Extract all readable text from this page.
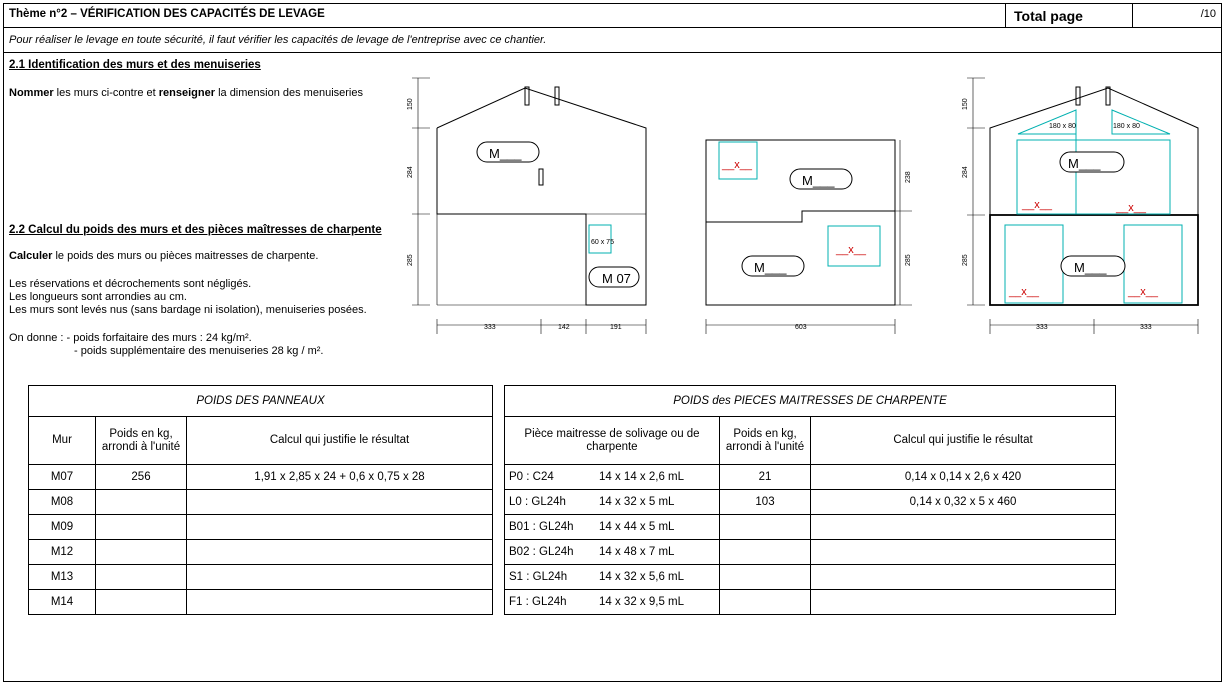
Thème n°2 – VÉRIFICATION DES CAPACITÉS DE LEVAGE	Total page	/10
Pour réaliser le levage en toute sécurité, il faut vérifier les capacités de levage de l'entreprise avec ce chantier.
2.1 Identification des murs et des menuiseries
Nommer les murs ci-contre et renseigner la dimension des menuiseries
2.2 Calcul du poids des murs et des pièces maîtresses de charpente
Calculer le poids des murs ou pièces maitresses de charpente.
Les réservations et décrochements sont négligés.
Les longueurs sont arrondies au cm.
Les murs sont levés nus (sans bardage ni isolation), menuiseries posées.
On donne : - poids forfaitaire des murs : 24 kg/m².
- poids supplémentaire des menuiseries 28 kg / m².
M___
M 07
M___
M___
M___
M___
__x__
__x__
__x__	__x__
__x__	__x__
60 x 75
180 x 80	180 x 80
150
284
285
238
285
150
284
285
333	142	191	603	333	333
POIDS DES PANNEAUX		
Mur	Poids en kg, arrondi à l'unité	Calcul qui justifie le résultat
M07	256	1,91 x 2,85 x 24 + 0,6 x 0,75 x 28
M08		
M09		
M12		
M13		
M14		
POIDS des PIECES MAITRESSES DE CHARPENTE		
Pièce maitresse de solivage ou de charpente	Poids en kg, arrondi à l'unité	Calcul qui justifie le résultat
P0 : C24 14 x 14 x 2,6 mL	21	0,14 x 0,14 x 2,6 x 420
L0 : GL24h 14 x 32 x 5 mL	103	0,14 x 0,32 x 5 x 460
B01 : GL24h 14 x 44 x 5 mL		
B02 : GL24h 14 x 48 x 7 mL		
S1 : GL24h 14 x 32 x 5,6 mL		
F1 : GL24h 14 x 32 x 9,5 mL		
